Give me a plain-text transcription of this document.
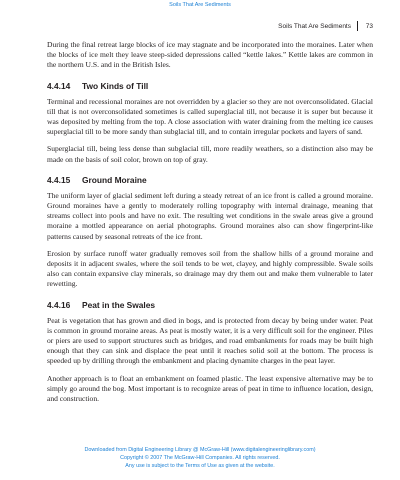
Soils That Are Sediments
Soils That Are Sediments 73

During the final retreat large blocks of ice may stagnate and be incorporated into the moraines. Later when the blocks of ice melt they leave steep-sided depressions called “kettle lakes.” Kettle lakes are common in the northern U.S. and in the British Isles.

4.4.14 Two Kinds of Till

Terminal and recessional moraines are not overridden by a glacier so they are not overconsolidated. Glacial till that is not overconsolidated sometimes is called superglacial till, not because it is super but because it was deposited by melting from the top. A close association with water draining from the melting ice causes superglacial till to be more sandy than subglacial till, and to contain irregular pockets and layers of sand.

Superglacial till, being less dense than subglacial till, more readily weathers, so a distinction also may be made on the basis of soil color, brown on top of gray.

4.4.15 Ground Moraine

The uniform layer of glacial sediment left during a steady retreat of an ice front is called a ground moraine. Ground moraines have a gently to moderately rolling topography with internal drainage, meaning that streams collect into pools and have no exit. The resulting wet conditions in the swale areas give a ground moraine a mottled appearance on aerial photographs. Ground moraines also can show fingerprint-like patterns caused by seasonal retreats of the ice front.

Erosion by surface runoff water gradually removes soil from the shallow hills of a ground moraine and deposits it in adjacent swales, where the soil tends to be wet, clayey, and highly compressible. Swale soils also can contain expansive clay minerals, so drainage may dry them out and make them vulnerable to later rewetting.

4.4.16 Peat in the Swales

Peat is vegetation that has grown and died in bogs, and is protected from decay by being under water. Peat is common in ground moraine areas. As peat is mostly water, it is a very difficult soil for the engineer. Piles or piers are used to support structures such as bridges, and road embankments for roads may be built high enough that they can sink and displace the peat until it reaches solid soil at the bottom. The process is speeded up by drilling through the embankment and placing dynamite charges in the peat layer.

Another approach is to float an embankment on foamed plastic. The least expensive alternative may be to simply go around the bog. Most important is to recognize areas of peat in time to influence location, design, and construction.

Downloaded from Digital Engineering Library @ McGraw-Hill (www.digitalengineeringlibrary.com)
Copyright © 2007 The McGraw-Hill Companies. All rights reserved.
Any use is subject to the Terms of Use as given at the website.
